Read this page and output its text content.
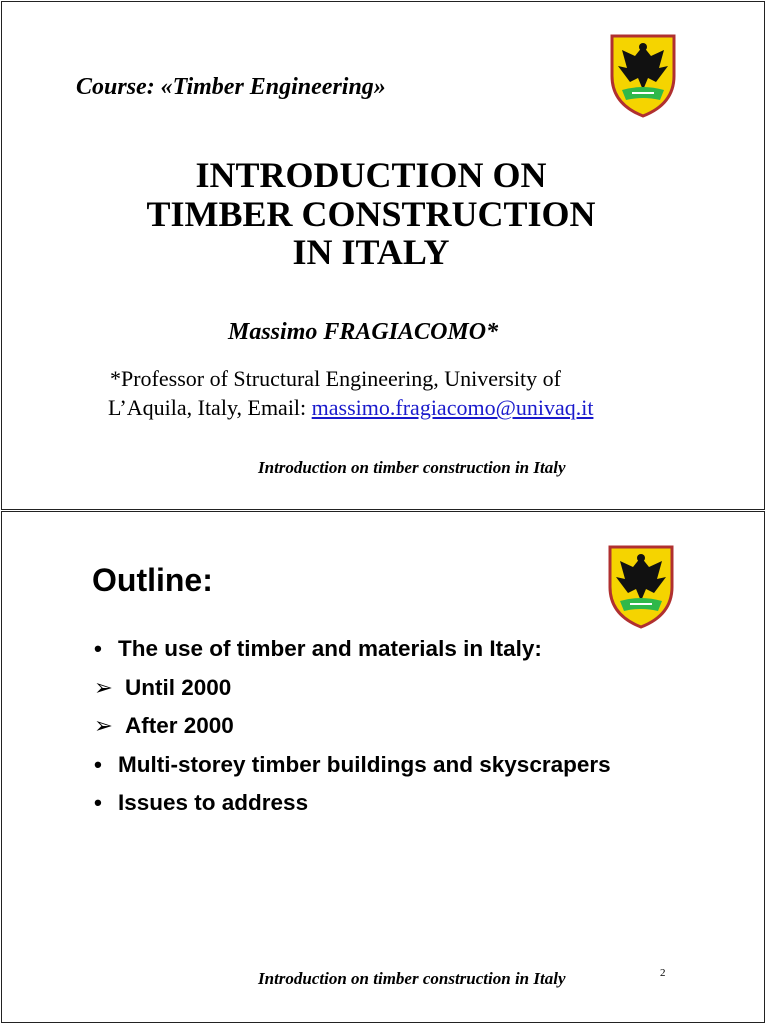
Course: «Timber Engineering»
INTRODUCTION ON
TIMBER CONSTRUCTION
IN ITALY
Massimo FRAGIACOMO*
*Professor of Structural Engineering, University of
L’Aquila, Italy, Email: massimo.fragiacomo@univaq.it
Introduction on timber construction in Italy
Outline:
• The use of timber and materials in Italy:
➢ Until 2000
➢ After 2000
• Multi-storey timber buildings and skyscrapers
• Issues to address
Introduction on timber construction in Italy	2
